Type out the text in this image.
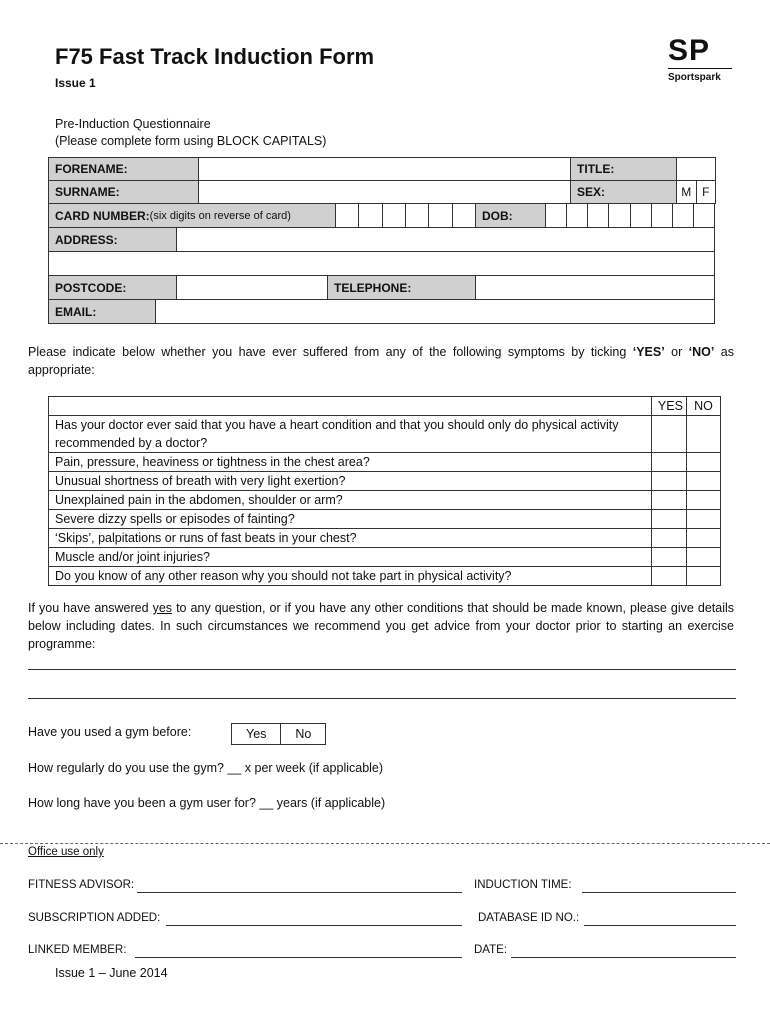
F75 Fast Track Induction Form
Issue 1
SP
Sportspark
Pre-Induction Questionnaire
(Please complete form using BLOCK CAPITALS)
FORENAME:		TITLE:	
SURNAME:		SEX:	M F
CARD NUMBER: (six digits on reverse of card)	DOB:
ADDRESS:
POSTCODE:	TELEPHONE:
EMAIL:
Please indicate below whether you have ever suffered from any of the following symptoms by ticking ‘YES’ or ‘NO’ as appropriate:
	YES	NO
Has your doctor ever said that you have a heart condition and that you should only do physical activity recommended by a doctor?		
Pain, pressure, heaviness or tightness in the chest area?		
Unusual shortness of breath with very light exertion?		
Unexplained pain in the abdomen, shoulder or arm?		
Severe dizzy spells or episodes of fainting?		
‘Skips’, palpitations or runs of fast beats in your chest?		
Muscle and/or joint injuries?		
Do you know of any other reason why you should not take part in physical activity?		
If you have answered yes to any question, or if you have any other conditions that should be made known, please give details below including dates. In such circumstances we recommend you get advice from your doctor prior to starting an exercise programme:
Have you used a gym before:	Yes	No
How regularly do you use the gym? __ x per week (if applicable)
How long have you been a gym user for? __ years (if applicable)
Office use only
FITNESS ADVISOR:	INDUCTION TIME:
SUBSCRIPTION ADDED:	DATABASE ID NO.:
LINKED MEMBER:	DATE:
Issue 1 – June 2014
